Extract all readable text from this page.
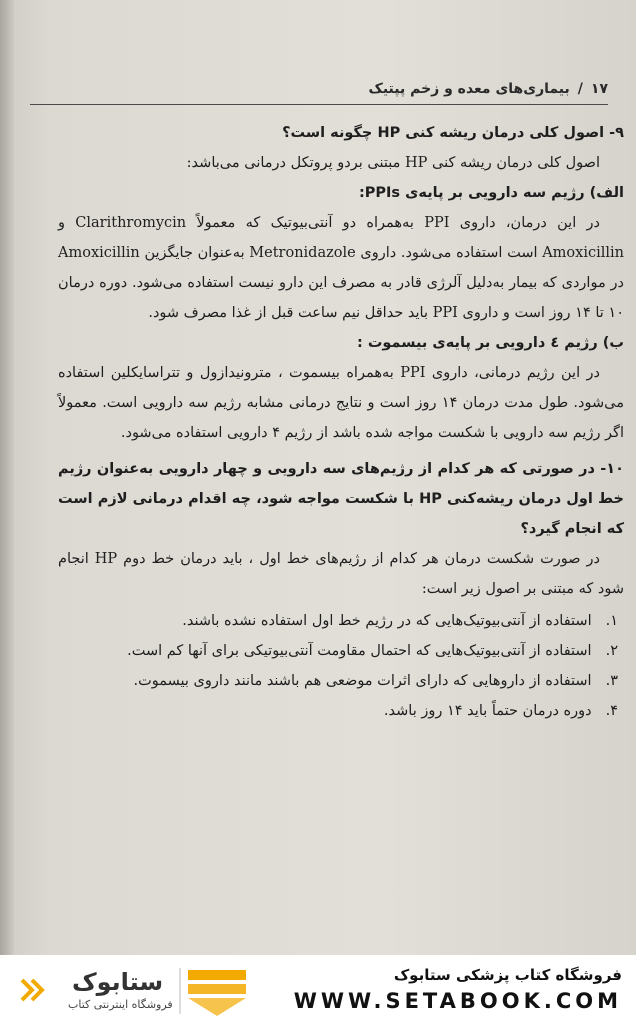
۱۷
/
بیماری‌های معده و زخم پپتیک

۹- اصول کلی درمان ریشه کنی HP چگونه است؟

اصول کلی درمان ریشه کنی HP مبتنی بردو پروتکل درمانی می‌باشد:

الف) رژیم سه دارویی بر پایه‌ی PPIs:

در این درمان، داروی PPI به‌همراه دو آنتی‌بیوتیک که معمولاً Clarithromycin و Amoxicillin است استفاده می‌شود. داروی Metronidazole به‌عنوان جایگزین Amoxicillin در مواردی که بیمار به‌دلیل آلرژی قادر به مصرف این دارو نیست استفاده می‌شود. دوره درمان ۱۰ تا ۱۴ روز است و داروی PPI باید حداقل نیم ساعت قبل از غذا مصرف شود.

ب) رژیم ٤ دارویی بر پایه‌ی بیسموت :

در این رژیم درمانی، داروی PPI به‌همراه بیسموت ، مترونیدازول و تتراسایکلین استفاده می‌شود. طول مدت درمان ۱۴ روز است و نتایج درمانی مشابه رژیم سه دارویی است. معمولاً اگر رژیم سه دارویی با شکست مواجه شده باشد از رژیم ۴ دارویی استفاده می‌شود.

۱۰- در صورتی که هر کدام از رژیم‌های سه دارویی و چهار دارویی به‌عنوان رژیم خط اول درمان ریشه‌کنی HP با شکست مواجه شود، چه اقدام درمانی لازم است که انجام گیرد؟

در صورت شکست درمان هر کدام از رژیم‌های خط اول ، باید درمان خط دوم HP انجام شود که مبتنی بر اصول زیر است:

۱.
استفاده از آنتی‌بیوتیک‌هایی که در رژیم خط اول استفاده نشده باشند.
۲.
استفاده از آنتی‌بیوتیک‌هایی که احتمال مقاومت آنتی‌بیوتیکی برای آنها کم است.
۳.
استفاده از داروهایی که دارای اثرات موضعی هم باشند مانند داروی بیسموت.
۴.
دوره درمان حتماً باید ۱۴ روز باشد.
ستابوک
فروشگاه اینترنتی کتاب
فروشگاه کتاب پزشکی ستابوک
WWW.SETABOOK.COM
